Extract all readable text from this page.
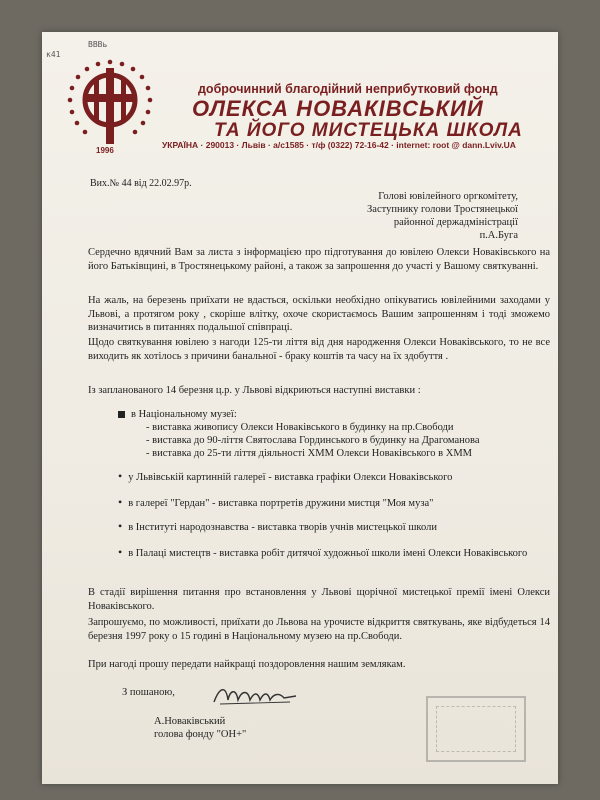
к41
BBBь
1996
доброчинний благодійний неприбутковий фонд
ОЛЕКСА НОВАКІВСЬКИЙ
ТА ЙОГО МИСТЕЦЬКА ШКОЛА
УКРАЇНА · 290013 · Львів · а/с1585 · т/ф (0322) 72-16-42 · internet: root @ dann.Lviv.UA
Вих.№ 44 від 22.02.97р.
Голові ювілейного оргкомітету,
Заступнику голови Тростянецької
районної держадміністрації
п.А.Буга
Сердечно вдячний Вам за листа з інформацією про підготування до ювілею Олекси Новаківського на його Батьківщині, в Тростянецькому районі, а також за запрошення до участі у Вашому святкуванні.
На жаль, на березень приїхати не вдасться, оскільки необхідно опікуватись ювілейними заходами у Львові, а протягом року , скоріше влітку, охоче скористаємось Вашим запрошенням і тоді зможемо визначитись в питаннях подальшої співпраці.
Щодо святкування ювілею з нагоди 125-ти ліття від дня народження Олекси Новаківського, то не все виходить як хотілось з причини банальної - браку коштів та часу на їх здобуття .
Із запланованого 14 березня ц.р. у Львові відкриються наступні виставки :
в Національному музеї:
- виставка живопису Олекси Новаківського в будинку на пр.Свободи
- виставка до 90-ліття Святослава Гординського в будинку на Драгоманова
- виставка до 25-ти ліття діяльності ХММ Олекси Новаківського в ХММ
• у Львівській картинній галереї - виставка графіки Олекси Новаківського
• в галереї "Гердан" - виставка портретів дружини мистця "Моя муза"
• в Інституті народознавства - виставка творів учнів мистецької школи
• в Палаці мистецтв - виставка робіт дитячої художньої школи імені Олекси Новаківського
В стадії вирішення питання про встановлення у Львові щорічної мистецької премії імені Олекси Новаківського.
Запрошуємо, по можливості, приїхати до Львова на урочисте відкриття святкувань, яке відбудеться 14 березня 1997 року о 15 годині в Національному музею на пр.Свободи.
При нагоді прошу передати найкращі поздоровлення нашим землякам.
З пошаною,
А.Новаківський
голова фонду "ОН+"
